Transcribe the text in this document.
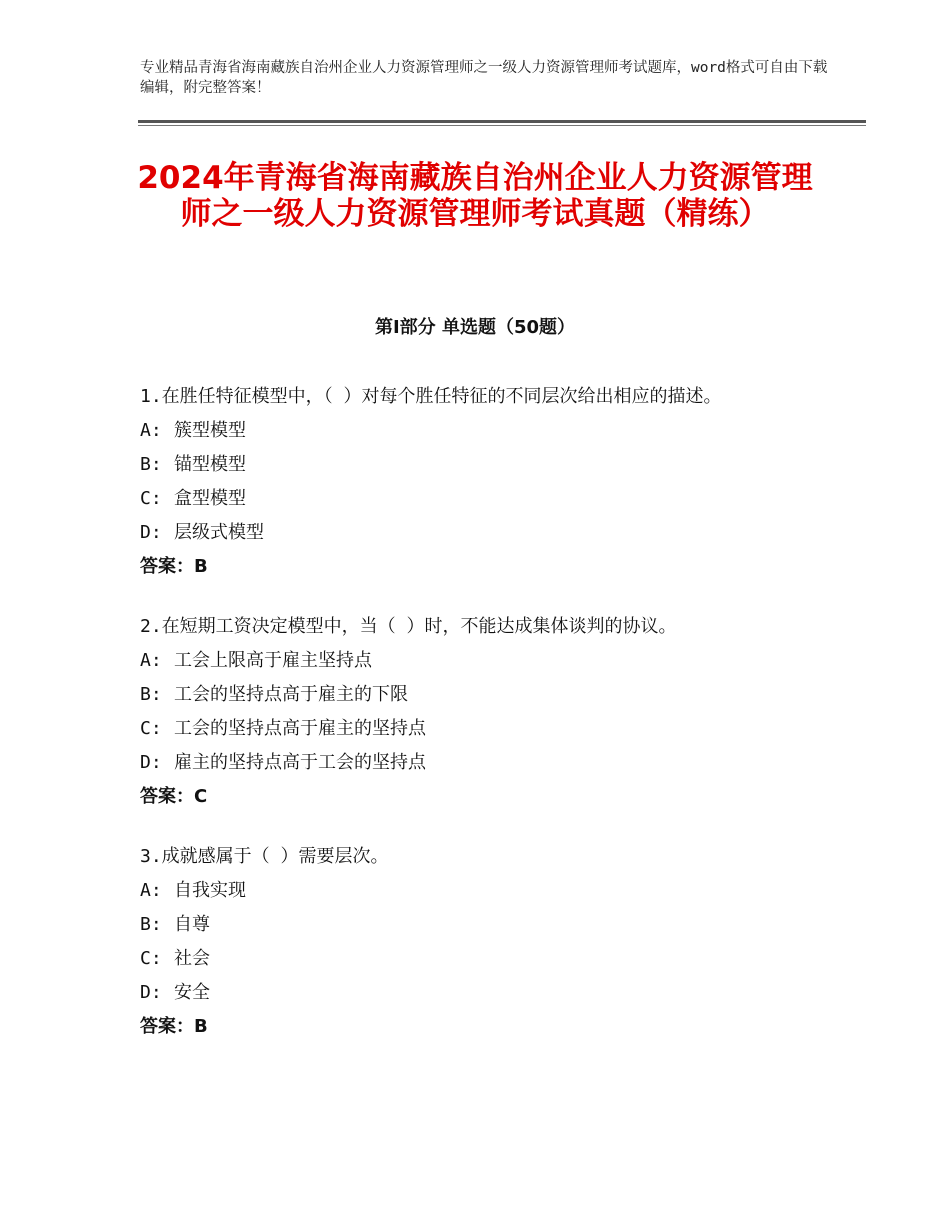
专业精品青海省海南藏族自治州企业人力资源管理师之一级人力资源管理师考试题库，word格式可自由下载编辑，附完整答案！
2024年青海省海南藏族自治州企业人力资源管理师之一级人力资源管理师考试真题（精练）
第Ⅰ部分 单选题（50题）
1.在胜任特征模型中，（ ）对每个胜任特征的不同层次给出相应的描述。
A: 簇型模型
B: 锚型模型
C: 盒型模型
D: 层级式模型
答案：B
2.在短期工资决定模型中，当（ ）时，不能达成集体谈判的协议。
A: 工会上限高于雇主坚持点
B: 工会的坚持点高于雇主的下限
C: 工会的坚持点高于雇主的坚持点
D: 雇主的坚持点高于工会的坚持点
答案：C
3.成就感属于（ ）需要层次。
A: 自我实现
B: 自尊
C: 社会
D: 安全
答案：B
